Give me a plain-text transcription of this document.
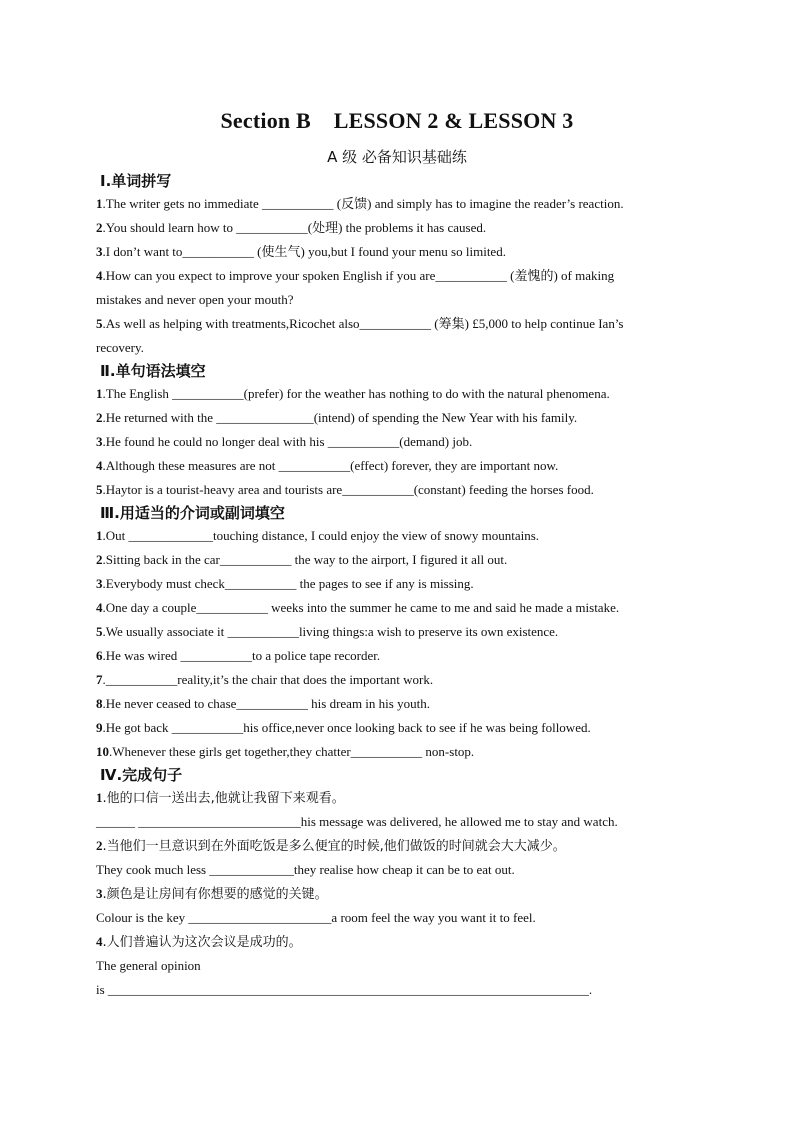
Section B    LESSON 2 & LESSON 3
A 级 必备知识基础练
Ⅰ.单词拼写
1.The writer gets no immediate ___________ (反馈) and simply has to imagine the reader’s reaction.
2.You should learn how to ___________(处理) the problems it has caused.
3.I don’t want to___________ (使生气) you,but I found your menu so limited.
4.How can you expect to improve your spoken English if you are___________ (羞愧的) of making
mistakes and never open your mouth?
5.As well as helping with treatments,Ricochet also___________ (筹集) £5,000 to help continue Ian’s
recovery.
Ⅱ.单句语法填空
1.The English ___________(prefer) for the weather has nothing to do with the natural phenomena.
2.He returned with the _______________(intend) of spending the New Year with his family.
3.He found he could no longer deal with his ___________(demand) job.
4.Although these measures are not ___________(effect) forever, they are important now.
5.Haytor is a tourist-heavy area and tourists are___________(constant) feeding the horses food.
Ⅲ.用适当的介词或副词填空
1.Out _____________touching distance, I could enjoy the view of snowy mountains.
2.Sitting back in the car___________ the way to the airport, I figured it all out.
3.Everybody must check___________ the pages to see if any is missing.
4.One day a couple___________ weeks into the summer he came to me and said he made a mistake.
5.We usually associate it ___________living things:a wish to preserve its own existence.
6.He was wired ___________to a police tape recorder.
7.___________reality,it’s the chair that does the important work.
8.He never ceased to chase___________ his dream in his youth.
9.He got back ___________his office,never once looking back to see if he was being followed.
10.Whenever these girls get together,they chatter___________ non-stop.
Ⅳ.完成句子
1.他的口信一送出去,他就让我留下来观看。
______ _________________________his message was delivered, he allowed me to stay and watch.
2.当他们一旦意识到在外面吃饭是多么便宜的时候,他们做饭的时间就会大大减少。
They cook much less _____________they realise how cheap it can be to eat out.
3.颜色是让房间有你想要的感觉的关键。
Colour is the key ______________________a room feel the way you want it to feel.
4.人们普遍认为这次会议是成功的。
The general opinion
is __________________________________________________________________________.
